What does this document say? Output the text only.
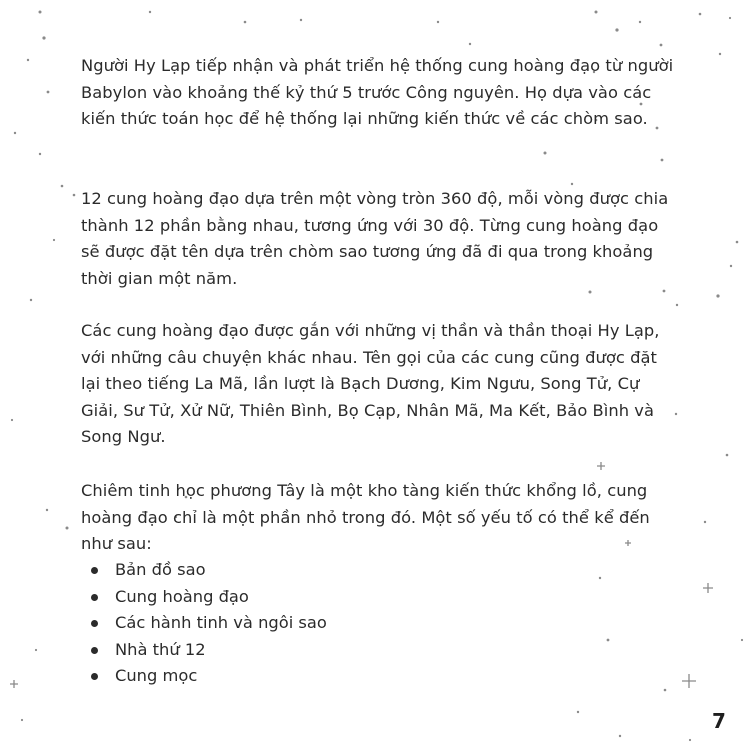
Người Hy Lạp tiếp nhận và phát triển hệ thống cung hoàng đạo từ người Babylon vào khoảng thế kỷ thứ 5 trước Công nguyên. Họ dựa vào các kiến thức toán học để hệ thống lại những kiến thức về các chòm sao.

12 cung hoàng đạo dựa trên một vòng tròn 360 độ, mỗi vòng được chia thành 12 phần bằng nhau, tương ứng với 30 độ. Từng cung hoàng đạo sẽ được đặt tên dựa trên chòm sao tương ứng đã đi qua trong khoảng thời gian một năm.

Các cung hoàng đạo được gắn với những vị thần và thần thoại Hy Lạp, với những câu chuyện khác nhau. Tên gọi của các cung cũng được đặt lại theo tiếng La Mã, lần lượt là Bạch Dương, Kim Ngưu, Song Tử, Cự Giải, Sư Tử, Xử Nữ, Thiên Bình, Bọ Cạp, Nhân Mã, Ma Kết, Bảo Bình và Song Ngư.

Chiêm tinh học phương Tây là một kho tàng kiến thức khổng lồ, cung hoàng đạo chỉ là một phần nhỏ trong đó. Một số yếu tố có thể kể đến như sau:

Bản đồ sao
Cung hoàng đạo
Các hành tinh và ngôi sao
Nhà thứ 12
Cung mọc
7
